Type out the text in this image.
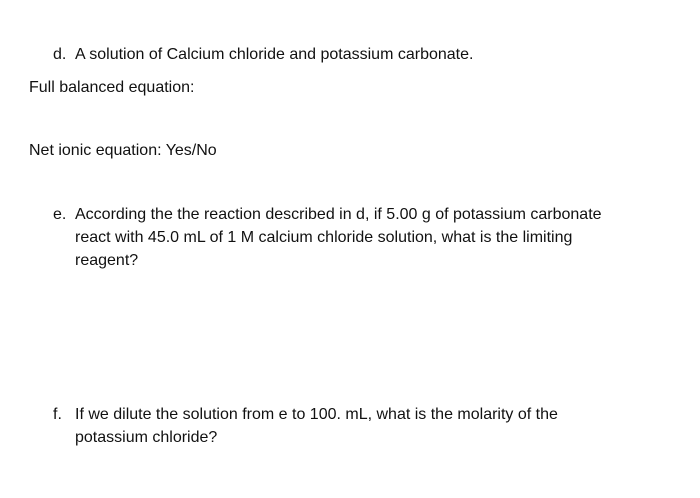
d. A solution of Calcium chloride and potassium carbonate.
Full balanced equation:
Net ionic equation: Yes/No
e. According the the reaction described in d, if 5.00 g of potassium carbonate
react with 45.0 mL of 1 M calcium chloride solution, what is the limiting
reagent?
f. If we dilute the solution from e to 100. mL, what is the molarity of the
potassium chloride?
